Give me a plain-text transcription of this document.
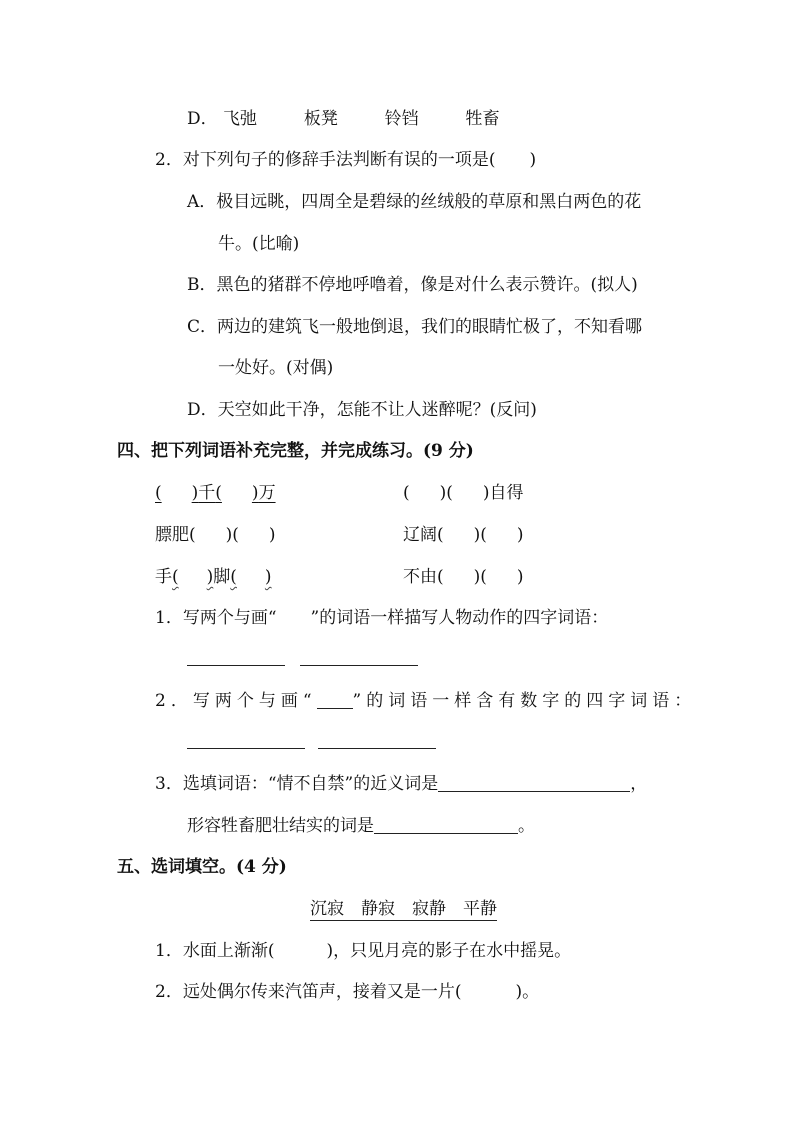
D． 飞弛	板凳	铃铛	牲畜
2．对下列句子的修辞手法判断有误的一项是( )
A．极目远眺，四周全是碧绿的丝绒般的草原和黑白两色的花
牛。(比喻)
B．黑色的猪群不停地呼噜着，像是对什么表示赞许。(拟人)
C．两边的建筑飞一般地倒退，我们的眼睛忙极了，不知看哪
一处好。(对偶)
D．天空如此干净，怎能不让人迷醉呢？(反问)
四、把下列词语补充完整，并完成练习。(9 分)
( )千( )万	( )( )自得
膘肥( )( )	辽阔( )( )
手( )脚( )	不由( )( )
1．写两个与画“ ”的词语一样描写人物动作的四字词语：
2．写两个与画“ ”的词语一样含有数字的四字词语：
3．选填词语：“情不自禁”的近义词是	，
形容牲畜肥壮结实的词是	。
五、选词填空。(4 分)
沉寂　静寂　寂静　平静
1．水面上渐渐(	)，只见月亮的影子在水中摇晃。
2．远处偶尔传来汽笛声，接着又是一片(	)。
